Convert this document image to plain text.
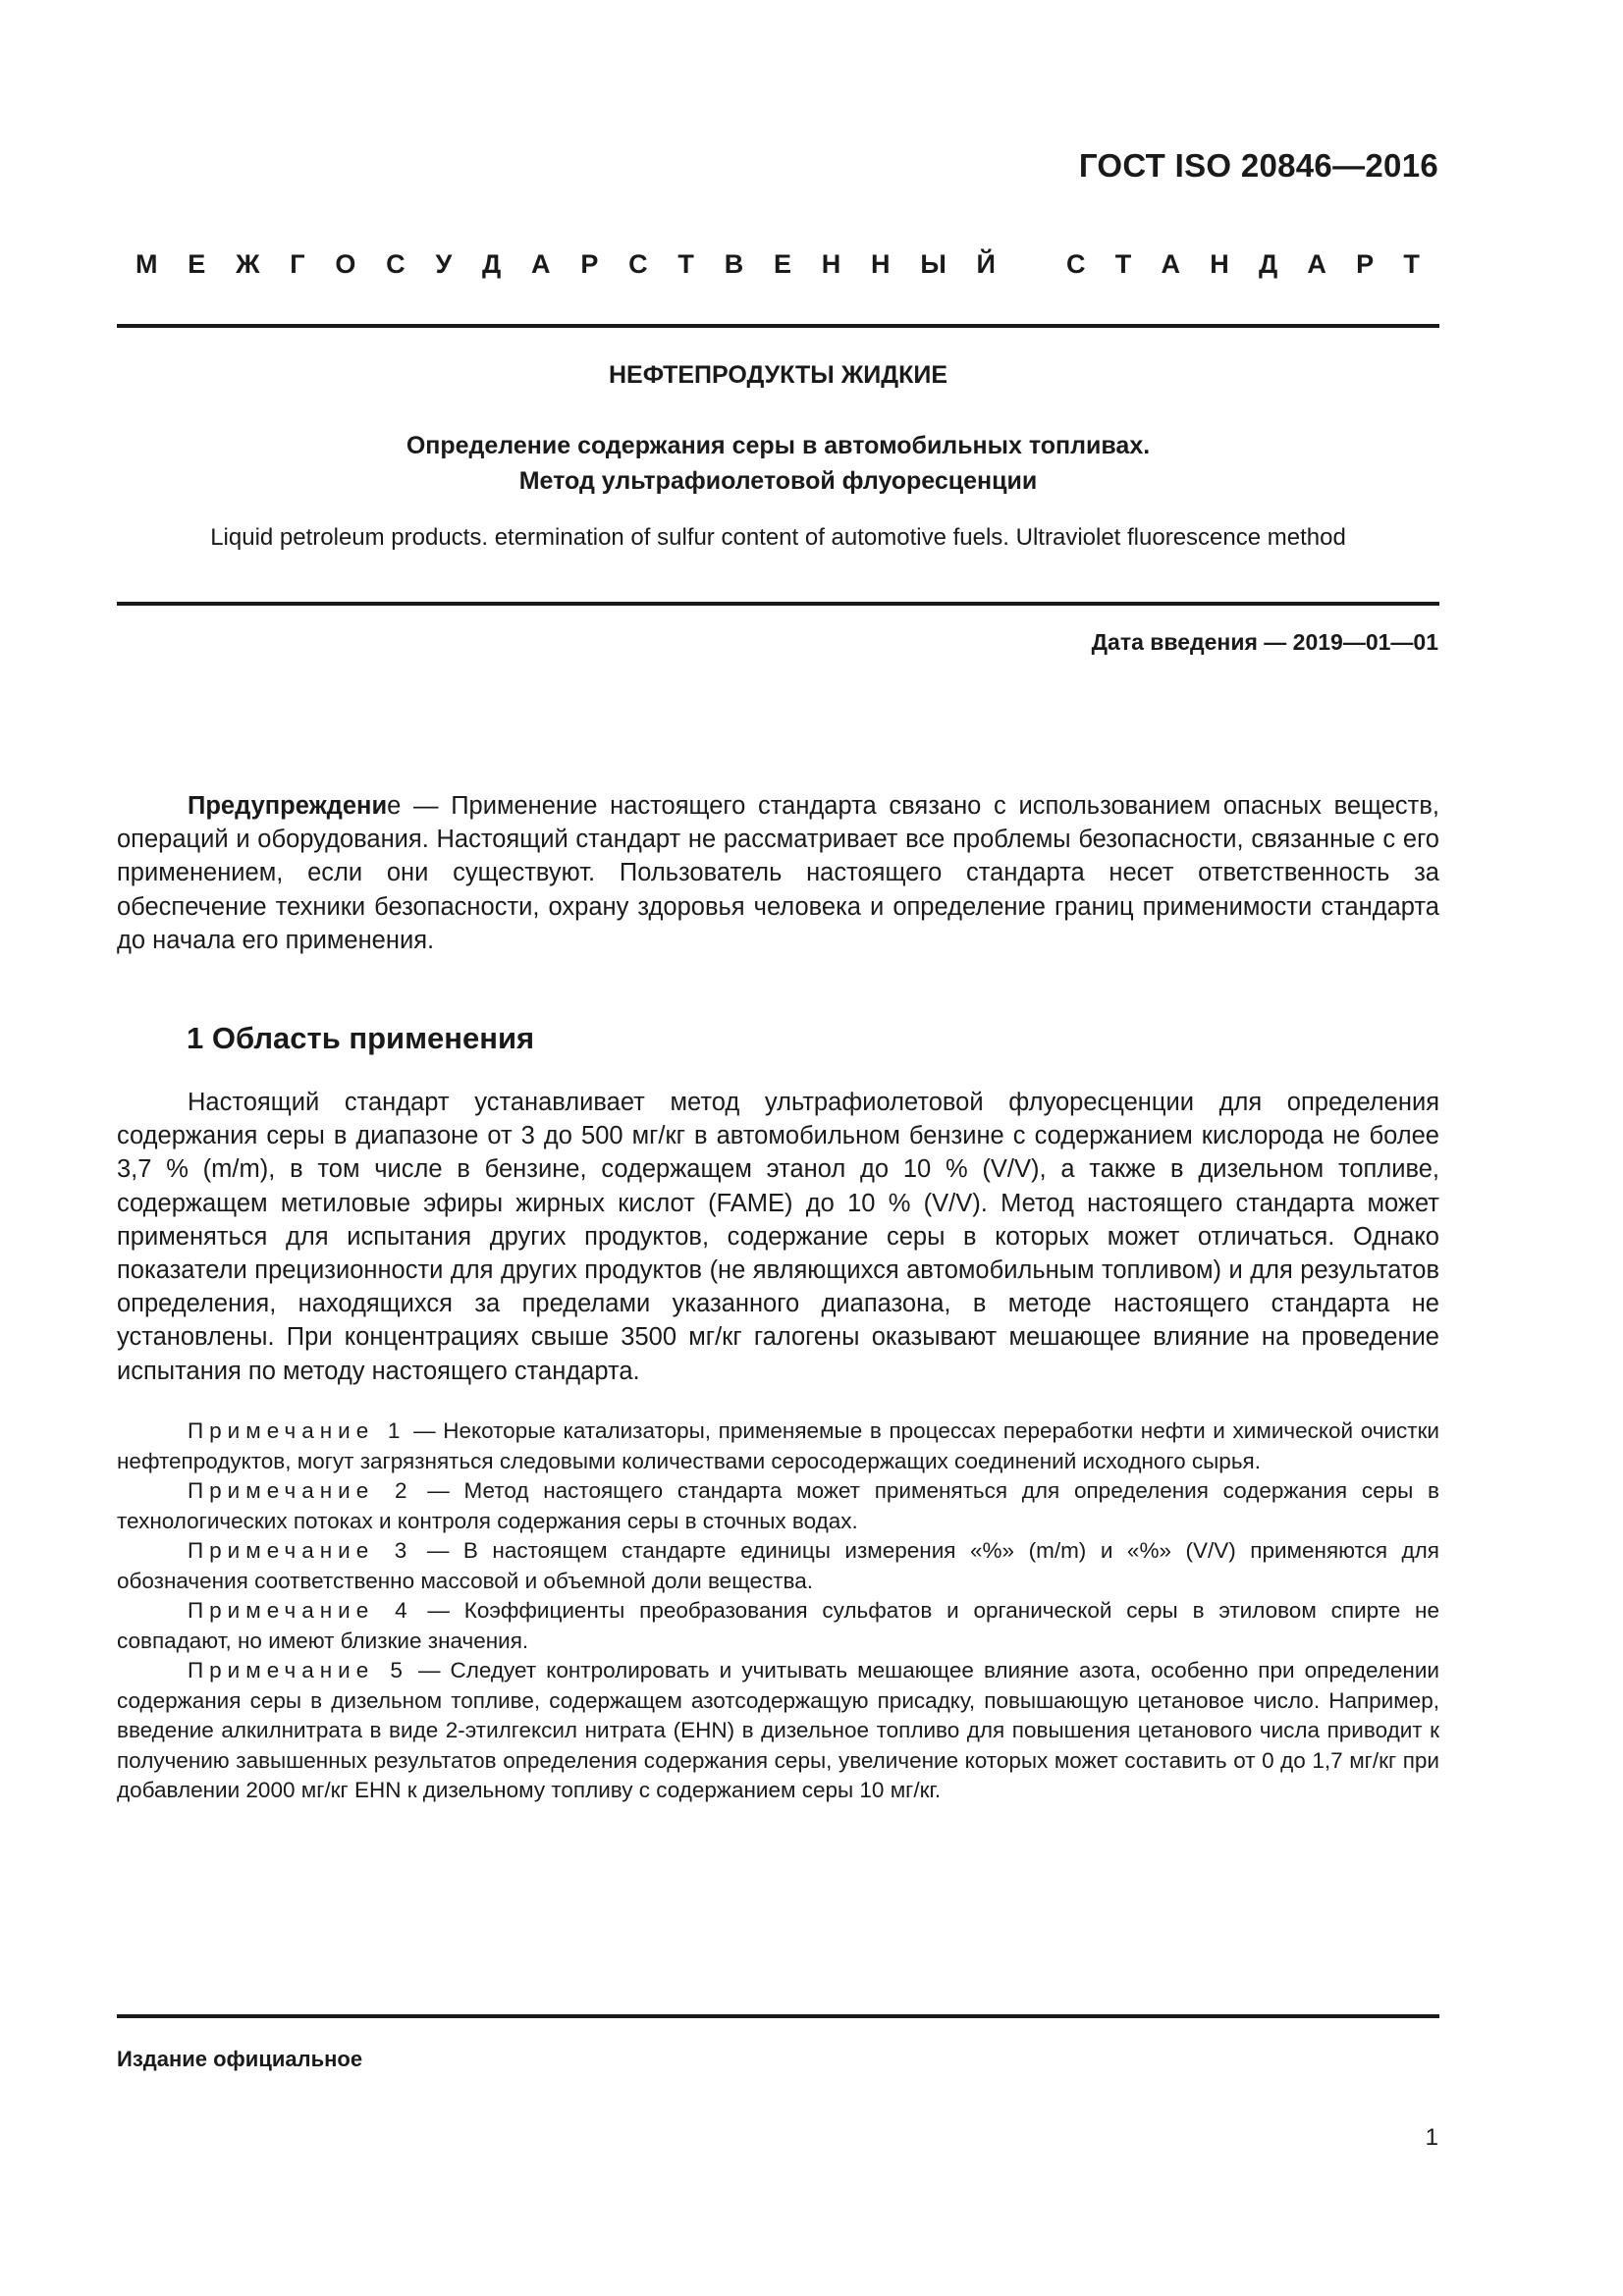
ГОСТ ISO 20846—2016
М Е Ж Г О С У Д А Р С Т В Е Н Н Ы Й	С Т А Н Д А Р Т
НЕФТЕПРОДУКТЫ ЖИДКИЕ
Определение содержания серы в автомобильных топливах.
Метод ультрафиолетовой флуоресценции
Liquid petroleum products. etermination of sulfur content of automotive fuels. Ultraviolet fluorescence method
Дата введения — 2019—01—01
Предупреждение — Применение настоящего стандарта связано с использованием опасных веществ, операций и оборудования. Настоящий стандарт не рассматривает все проблемы безопасности, связанные с его применением, если они существуют. Пользователь настоящего стандарта несет ответственность за обеспечение техники безопасности, охрану здоровья человека и определение границ применимости стандарта до начала его применения.
1 Область применения
Настоящий стандарт устанавливает метод ультрафиолетовой флуоресценции для определения содержания серы в диапазоне от 3 до 500 мг/кг в автомобильном бензине с содержанием кислорода не более 3,7 % (m/m), в том числе в бензине, содержащем этанол до 10 % (V/V), а также в дизельном топливе, содержащем метиловые эфиры жирных кислот (FAME) до 10 % (V/V). Метод настоящего стандарта может применяться для испытания других продуктов, содержание серы в которых может отличаться. Однако показатели прецизионности для других продуктов (не являющихся автомобильным топливом) и для результатов определения, находящихся за пределами указанного диапазона, в методе настоящего стандарта не установлены. При концентрациях свыше 3500 мг/кг галогены оказывают мешающее влияние на проведение испытания по методу настоящего стандарта.
Примечание 1 — Некоторые катализаторы, применяемые в процессах переработки нефти и химической очистки нефтепродуктов, могут загрязняться следовыми количествами серосодержащих соединений исходного сырья.
Примечание 2 — Метод настоящего стандарта может применяться для определения содержания серы в технологических потоках и контроля содержания серы в сточных водах.
Примечание 3 — В настоящем стандарте единицы измерения «%» (m/m) и «%» (V/V) применяются для обозначения соответственно массовой и объемной доли вещества.
Примечание 4 — Коэффициенты преобразования сульфатов и органической серы в этиловом спирте не совпадают, но имеют близкие значения.
Примечание 5 — Следует контролировать и учитывать мешающее влияние азота, особенно при определении содержания серы в дизельном топливе, содержащем азотсодержащую присадку, повышающую цетановое число. Например, введение алкилнитрата в виде 2-этилгексил нитрата (EHN) в дизельное топливо для повышения цетанового числа приводит к получению завышенных результатов определения содержания серы, увеличение которых может составить от 0 до 1,7 мг/кг при добавлении 2000 мг/кг EHN к дизельному топливу с содержанием серы 10 мг/кг.
Издание официальное
1
